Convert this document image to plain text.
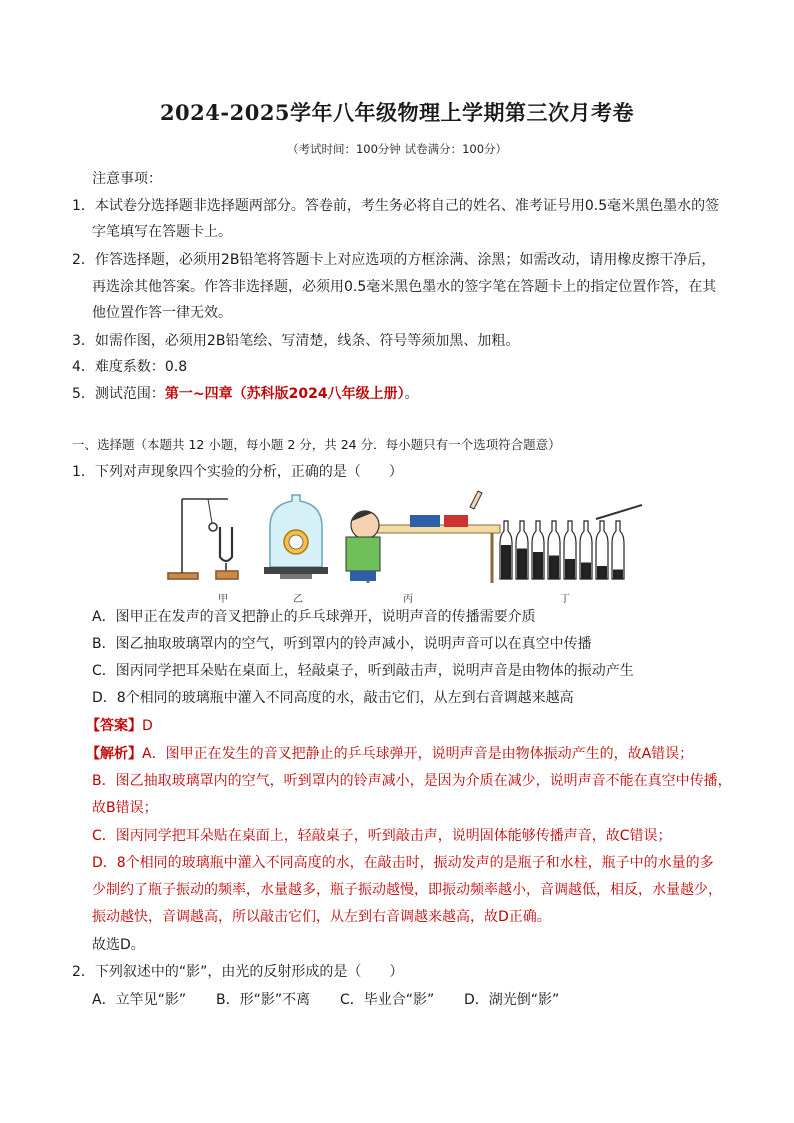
2024-2025学年八年级物理上学期第三次月考卷
（考试时间：100分钟 试卷满分：100分）
注意事项：
1．本试卷分选择题非选择题两部分。答卷前，考生务必将自己的姓名、准考证号用0.5毫米黑色墨水的签
字笔填写在答题卡上。
2．作答选择题，必须用2B铅笔将答题卡上对应选项的方框涂满、涂黑；如需改动，请用橡皮擦干净后，
再选涂其他答案。作答非选择题，必须用0.5毫米黑色墨水的签字笔在答题卡上的指定位置作答，在其
他位置作答一律无效。
3．如需作图，必须用2B铅笔绘、写清楚，线条、符号等须加黑、加粗。
4．难度系数：0.8
5．测试范围：第一~四章（苏科版2024八年级上册）。
一、选择题（本题共 12 小题，每小题 2 分，共 24 分．每小题只有一个选项符合题意）
1．下列对声现象四个实验的分析，正确的是（　　）
甲	乙	丙	丁
A．图甲正在发声的音叉把静止的乒乓球弹开，说明声音的传播需要介质
B．图乙抽取玻璃罩内的空气，听到罩内的铃声减小，说明声音可以在真空中传播
C．图丙同学把耳朵贴在桌面上，轻敲桌子，听到敲击声，说明声音是由物体的振动产生
D．8个相同的玻璃瓶中灌入不同高度的水，敲击它们，从左到右音调越来越高
【答案】D
【解析】A．图甲正在发生的音叉把静止的乒乓球弹开，说明声音是由物体振动产生的，故A错误；
B．图乙抽取玻璃罩内的空气，听到罩内的铃声减小，是因为介质在减少，说明声音不能在真空中传播，
故B错误；
C．图丙同学把耳朵贴在桌面上，轻敲桌子，听到敲击声，说明固体能够传播声音，故C错误；
D．8个相同的玻璃瓶中灌入不同高度的水，在敲击时，振动发声的是瓶子和水柱，瓶子中的水量的多
少制约了瓶子振动的频率，水量越多，瓶子振动越慢，即振动频率越小，音调越低，相反，水量越少，
振动越快，音调越高，所以敲击它们，从左到右音调越来越高，故D正确。
故选D。
2．下列叙述中的“影”，由光的反射形成的是（　　）
A．立竿见“影” B．形“影”不离 C．毕业合“影” D．湖光倒“影”
